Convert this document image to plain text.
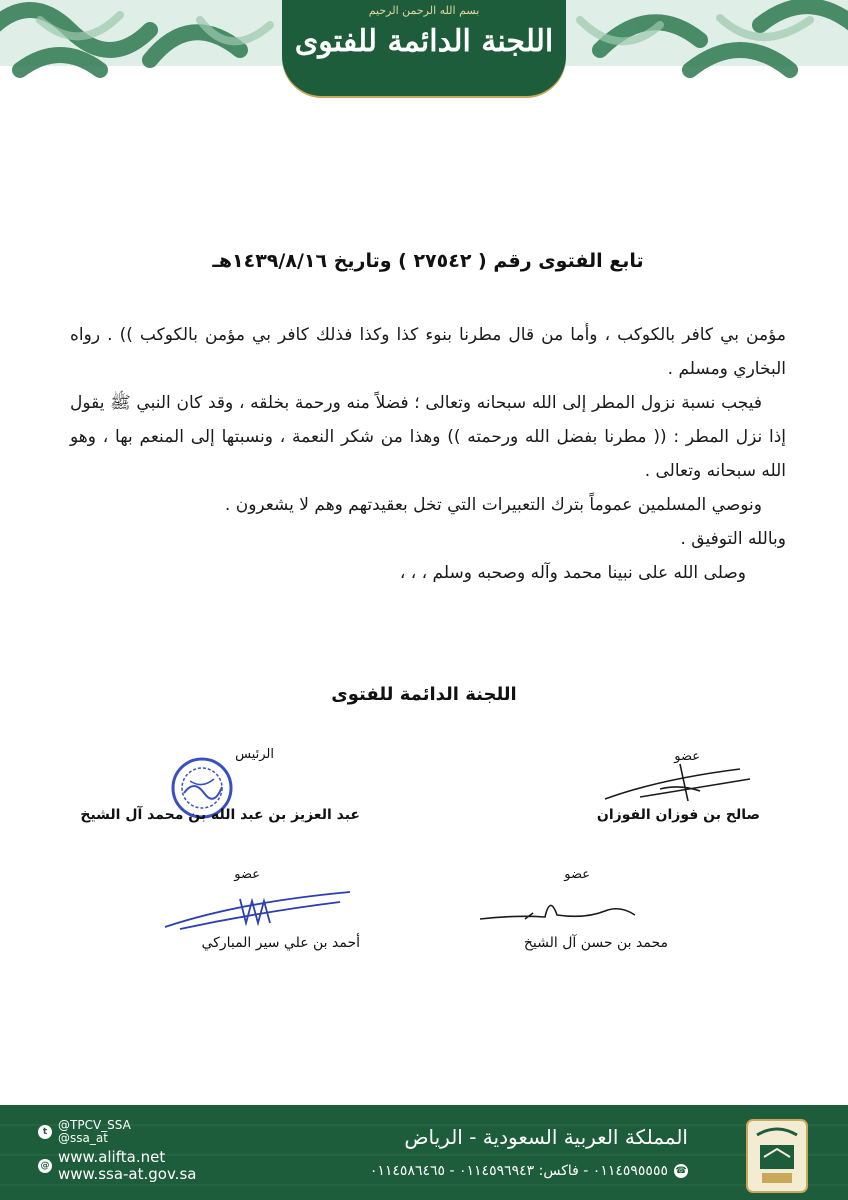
بسم الله الرحمن الرحيم
اللجنة الدائمة للفتوى
تابع الفتوى رقم ( ٢٧٥٤٢ ) وتاريخ ١٤٣٩/٨/١٦هـ

مؤمن بي كافر بالكوكب ، وأما من قال مطرنا بنوء كذا وكذا فذلك كافر بي مؤمن بالكوكب )) . رواه البخاري ومسلم .

فيجب نسبة نزول المطر إلى الله سبحانه وتعالى ؛ فضلاً منه ورحمة بخلقه ، وقد كان النبي ﷺ يقول إذا نزل المطر : (( مطرنا بفضل الله ورحمته )) وهذا من شكر النعمة ، ونسبتها إلى المنعم بها ، وهو الله سبحانه وتعالى .

ونوصي المسلمين عموماً بترك التعبيرات التي تخل بعقيدتهم وهم لا يشعرون .

وبالله التوفيق .

وصلى الله على نبينا محمد وآله وصحبه وسلم ، ، ،

اللجنة الدائمة للفتوى
الرئيس
عبد العزيز بن عبد الله بن محمد آل الشيخ
عضو
صالح بن فوزان الفوزان
عضو
أحمد بن علي سير المباركي
عضو
محمد بن حسن آل الشيخ
t @TPCV_SSA
@ssa_at
@ www.alifta.net
www.ssa-at.gov.sa
المملكة العربية السعودية - الرياض
☎٠١١٤٥٩٥٥٥٥ - فاكس: ٠١١٤٥٩٦٩٤٣ - ٠١١٤٥٨٦٤٦٥
